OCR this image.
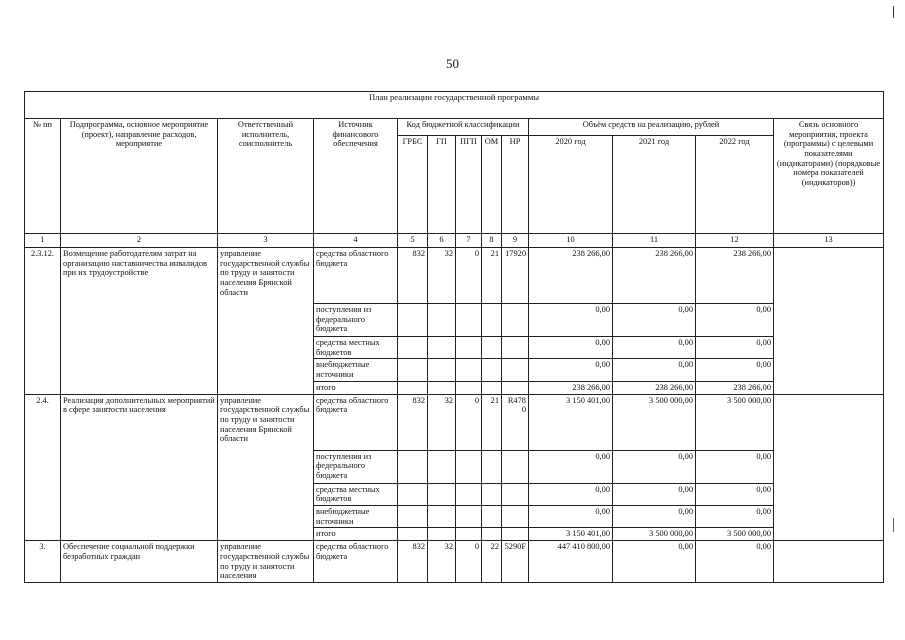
50
План реализации государственной программы												
№ пп	Подпрограмма, основное мероприятие (проект), направление расходов, мероприятие	Ответственный исполнитель, соисполнитель	Источник финансового обеспечения	Код бюджетной классификации					Объём средств на реализацию, рублей			Связь основного мероприятия, проекта (программы) с целевыми показателями (индикаторами) (порядковые номера показателей (индикаторов))
				ГРБС	ГП	ПГП	ОМ	НР	2020 год	2021 год	2022 год	
1	2	3	4	5	6	7	8	9	10	11	12	13
2.3.12.	Возмещение работодателям затрат на организацию наставничества инвалидов при их трудоустройстве	управление государственной службы по труду и занятости населения Брянской области	средства областного бюджета	832	32	0	21	17920	238 266,00	238 266,00	238 266,00	
			поступления из федерального бюджета						0,00	0,00	0,00	
			средства местных бюджетов						0,00	0,00	0,00	
			внебюджетные источники						0,00	0,00	0,00	
			итого						238 266,00	238 266,00	238 266,00	
2.4.	Реализация дополнительных мероприятий в сфере занятости населения	управление государственной службы по труду и занятости населения Брянской области	средства областного бюджета	832	32	0	21	R4780	3 150 401,00	3 500 000,00	3 500 000,00	
			поступления из федерального бюджета						0,00	0,00	0,00	
			средства местных бюджетов						0,00	0,00	0,00	
			внебюджетные источники						0,00	0,00	0,00	
			итого						3 150 401,00	3 500 000,00	3 500 000,00	
3.	Обеспечение социальной поддержки безработных граждан	управление государственной службы по труду и занятости населения	средства областного бюджета	832	32	0	22	5290F	447 410 800,00	0,00	0,00	
